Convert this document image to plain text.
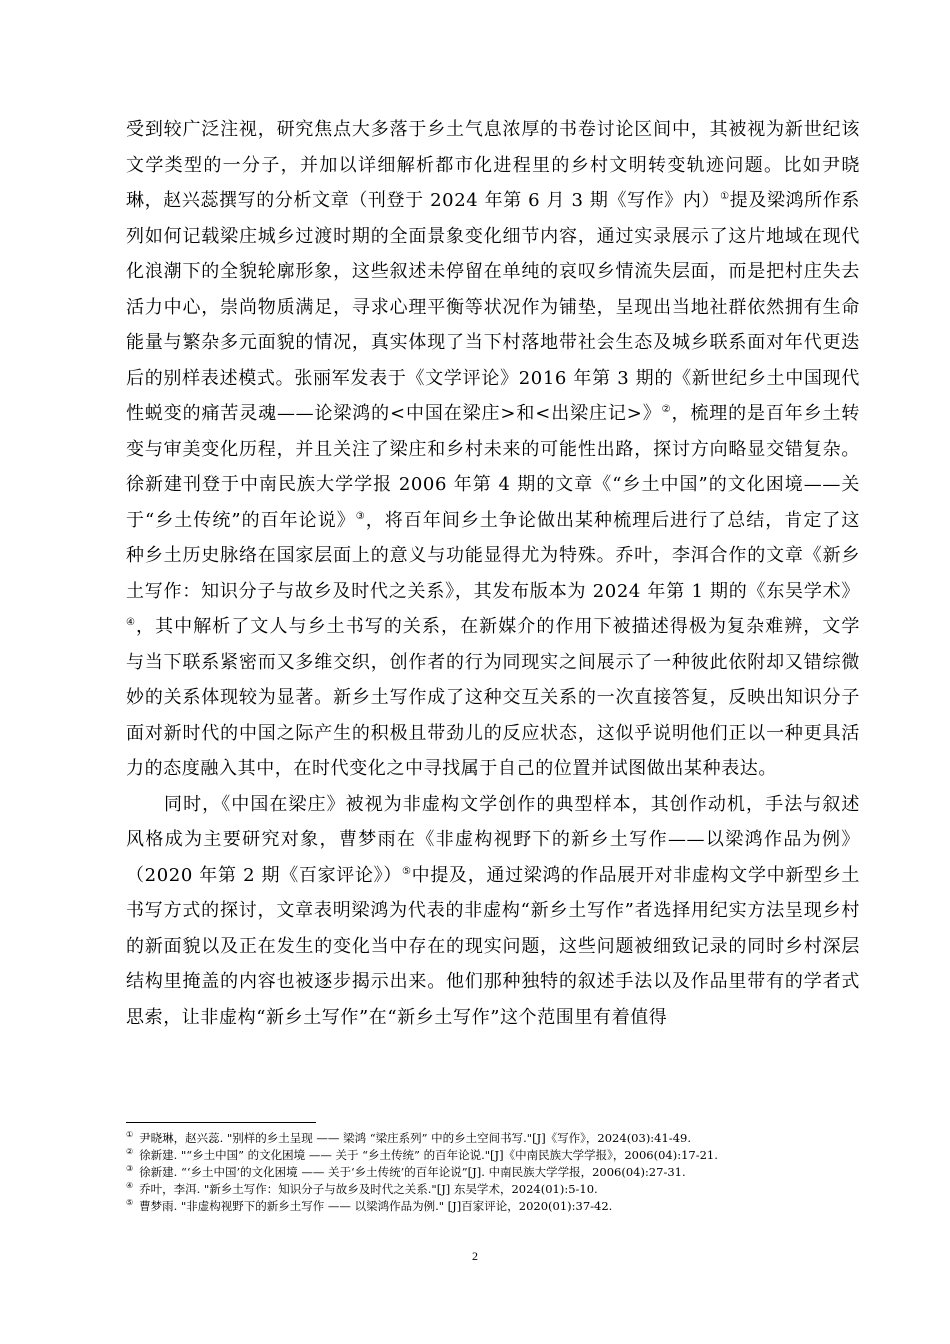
受到较广泛注视，研究焦点大多落于乡土气息浓厚的书卷讨论区间中，其被视为新世纪该文学类型的一分子，并加以详细解析都市化进程里的乡村文明转变轨迹问题。比如尹晓琳，赵兴蕊撰写的分析文章（刊登于 2024 年第 6 月 3 期《写作》内）①提及梁鸿所作系列如何记载梁庄城乡过渡时期的全面景象变化细节内容，通过实录展示了这片地域在现代化浪潮下的全貌轮廓形象，这些叙述未停留在单纯的哀叹乡情流失层面，而是把村庄失去活力中心，崇尚物质满足，寻求心理平衡等状况作为铺垫，呈现出当地社群依然拥有生命能量与繁杂多元面貌的情况，真实体现了当下村落地带社会生态及城乡联系面对年代更迭后的别样表述模式。张丽军发表于《文学评论》2016 年第 3 期的《新世纪乡土中国现代性蜕变的痛苦灵魂——论梁鸿的<中国在梁庄>和<出梁庄记>》②，梳理的是百年乡土转变与审美变化历程，并且关注了梁庄和乡村未来的可能性出路，探讨方向略显交错复杂。徐新建刊登于中南民族大学学报 2006 年第 4 期的文章《“乡土中国”的文化困境——关于“乡土传统”的百年论说》③，将百年间乡土争论做出某种梳理后进行了总结，肯定了这种乡土历史脉络在国家层面上的意义与功能显得尤为特殊。乔叶，李洱合作的文章《新乡土写作：知识分子与故乡及时代之关系》，其发布版本为 2024 年第 1 期的《东吴学术》④，其中解析了文人与乡土书写的关系，在新媒介的作用下被描述得极为复杂难辨，文学与当下联系紧密而又多维交织，创作者的行为同现实之间展示了一种彼此依附却又错综微妙的关系体现较为显著。新乡土写作成了这种交互关系的一次直接答复，反映出知识分子面对新时代的中国之际产生的积极且带劲儿的反应状态，这似乎说明他们正以一种更具活力的态度融入其中，在时代变化之中寻找属于自己的位置并试图做出某种表达。

同时，《中国在梁庄》被视为非虚构文学创作的典型样本，其创作动机，手法与叙述风格成为主要研究对象，曹梦雨在《非虚构视野下的新乡土写作——以梁鸿作品为例》（2020 年第 2 期《百家评论》）⑤中提及，通过梁鸿的作品展开对非虚构文学中新型乡土书写方式的探讨，文章表明梁鸿为代表的非虚构“新乡土写作”者选择用纪实方法呈现乡村的新面貌以及正在发生的变化当中存在的现实问题，这些问题被细致记录的同时乡村深层结构里掩盖的内容也被逐步揭示出来。他们那种独特的叙述手法以及作品里带有的学者式思索，让非虚构“新乡土写作”在“新乡土写作”这个范围里有着值得

① 尹晓琳，赵兴蕊. "别样的乡土呈现 —— 梁鸿 “梁庄系列” 中的乡土空间书写."[J]《写作》，2024(03):41-49.

② 徐新建. "“乡土中国” 的文化困境 —— 关于 “乡土传统” 的百年论说."[J]《中南民族大学学报》，2006(04):17-21.

③ 徐新建. “‘乡土中国’的文化困境 —— 关于‘乡土传统’的百年论说”[J]. 中南民族大学学报，2006(04):27-31.

④ 乔叶，李洱. "新乡土写作：知识分子与故乡及时代之关系."[J] 东吴学术，2024(01):5-10.

⑤ 曹梦雨. "非虚构视野下的新乡土写作 —— 以梁鸿作品为例." [J]百家评论，2020(01):37-42.

2
